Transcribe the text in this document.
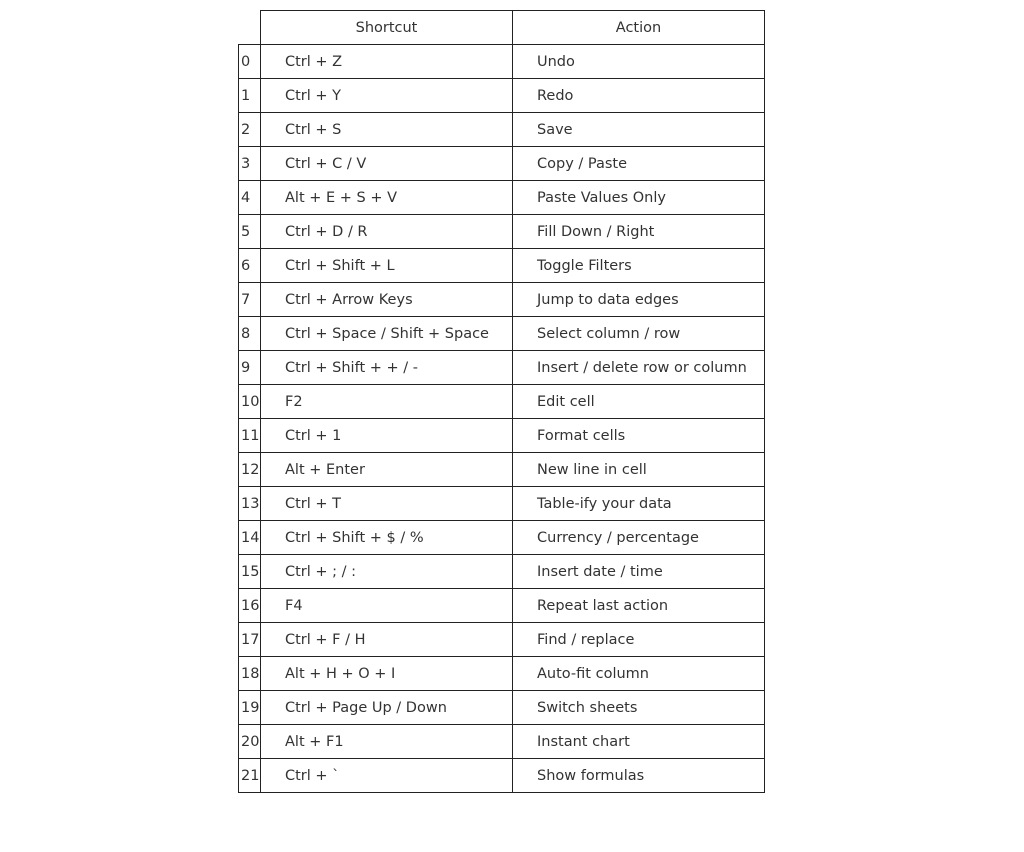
	Shortcut	Action
0	Ctrl + Z	Undo
1	Ctrl + Y	Redo
2	Ctrl + S	Save
3	Ctrl + C / V	Copy / Paste
4	Alt + E + S + V	Paste Values Only
5	Ctrl + D / R	Fill Down / Right
6	Ctrl + Shift + L	Toggle Filters
7	Ctrl + Arrow Keys	Jump to data edges
8	Ctrl + Space / Shift + Space	Select column / row
9	Ctrl + Shift + + / -	Insert / delete row or column
10	F2	Edit cell
11	Ctrl + 1	Format cells
12	Alt + Enter	New line in cell
13	Ctrl + T	Table-ify your data
14	Ctrl + Shift + $ / %	Currency / percentage
15	Ctrl + ; / :	Insert date / time
16	F4	Repeat last action
17	Ctrl + F / H	Find / replace
18	Alt + H + O + I	Auto-fit column
19	Ctrl + Page Up / Down	Switch sheets
20	Alt + F1	Instant chart
21	Ctrl + `	Show formulas
